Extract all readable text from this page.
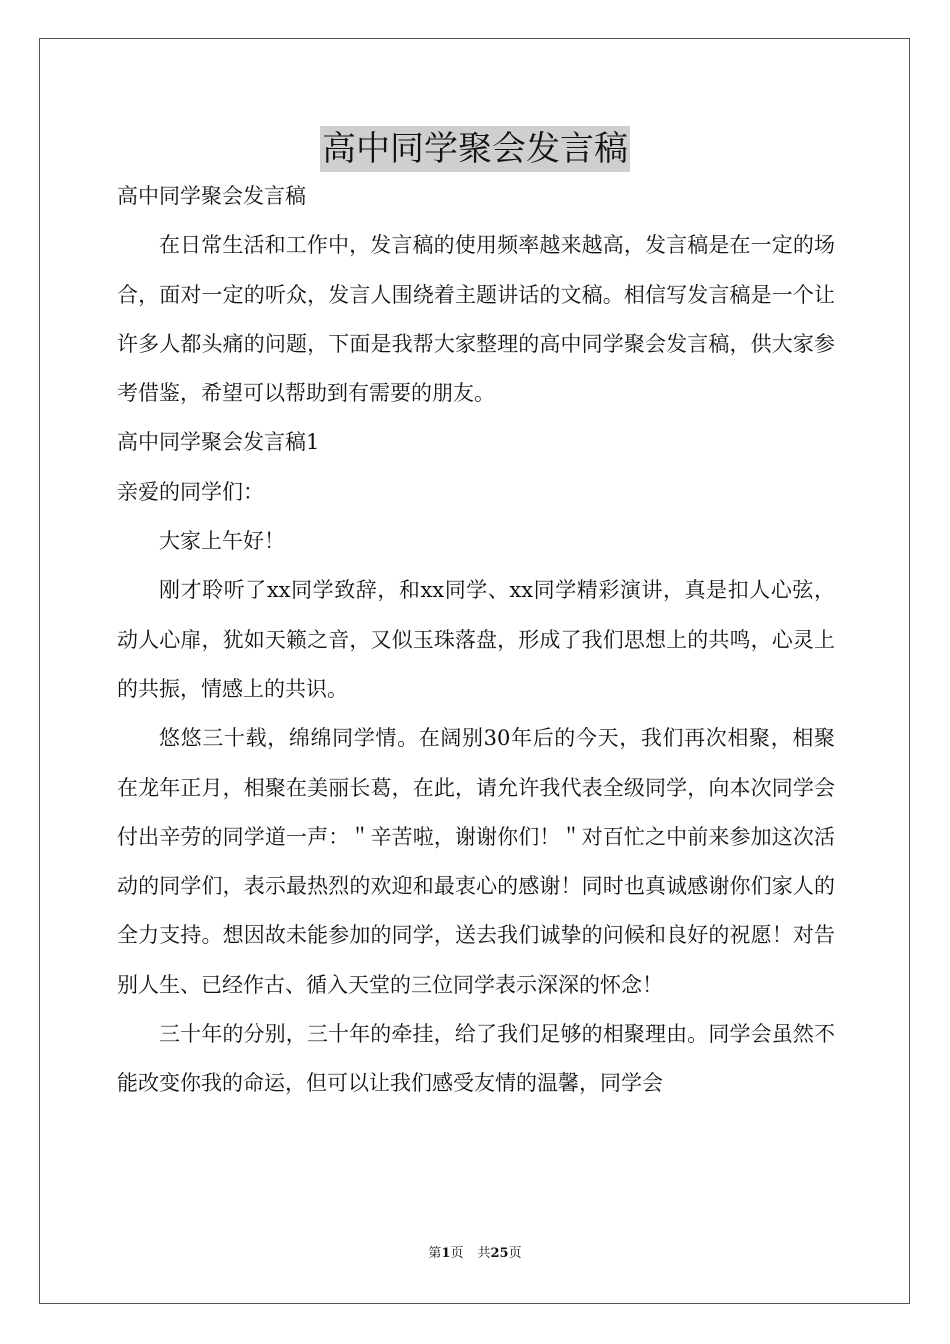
高中同学聚会发言稿

高中同学聚会发言稿

在日常生活和工作中，发言稿的使用频率越来越高，发言稿是在一定的场合，面对一定的听众，发言人围绕着主题讲话的文稿。相信写发言稿是一个让许多人都头痛的问题，下面是我帮大家整理的高中同学聚会发言稿，供大家参考借鉴，希望可以帮助到有需要的朋友。

高中同学聚会发言稿1

亲爱的同学们：

大家上午好！

刚才聆听了xx同学致辞，和xx同学、xx同学精彩演讲，真是扣人心弦，动人心扉，犹如天籁之音，又似玉珠落盘，形成了我们思想上的共鸣，心灵上的共振，情感上的共识。

悠悠三十载，绵绵同学情。在阔别30年后的今天，我们再次相聚，相聚在龙年正月，相聚在美丽长葛，在此，请允许我代表全级同学，向本次同学会付出辛劳的同学道一声：＂辛苦啦，谢谢你们！＂对百忙之中前来参加这次活动的同学们，表示最热烈的欢迎和最衷心的感谢！同时也真诚感谢你们家人的全力支持。想因故未能参加的同学，送去我们诚挚的问候和良好的祝愿！对告别人生、已经作古、循入天堂的三位同学表示深深的怀念！

三十年的分别，三十年的牵挂，给了我们足够的相聚理由。同学会虽然不能改变你我的命运，但可以让我们感受友情的温馨，同学会

第1页 共25页
